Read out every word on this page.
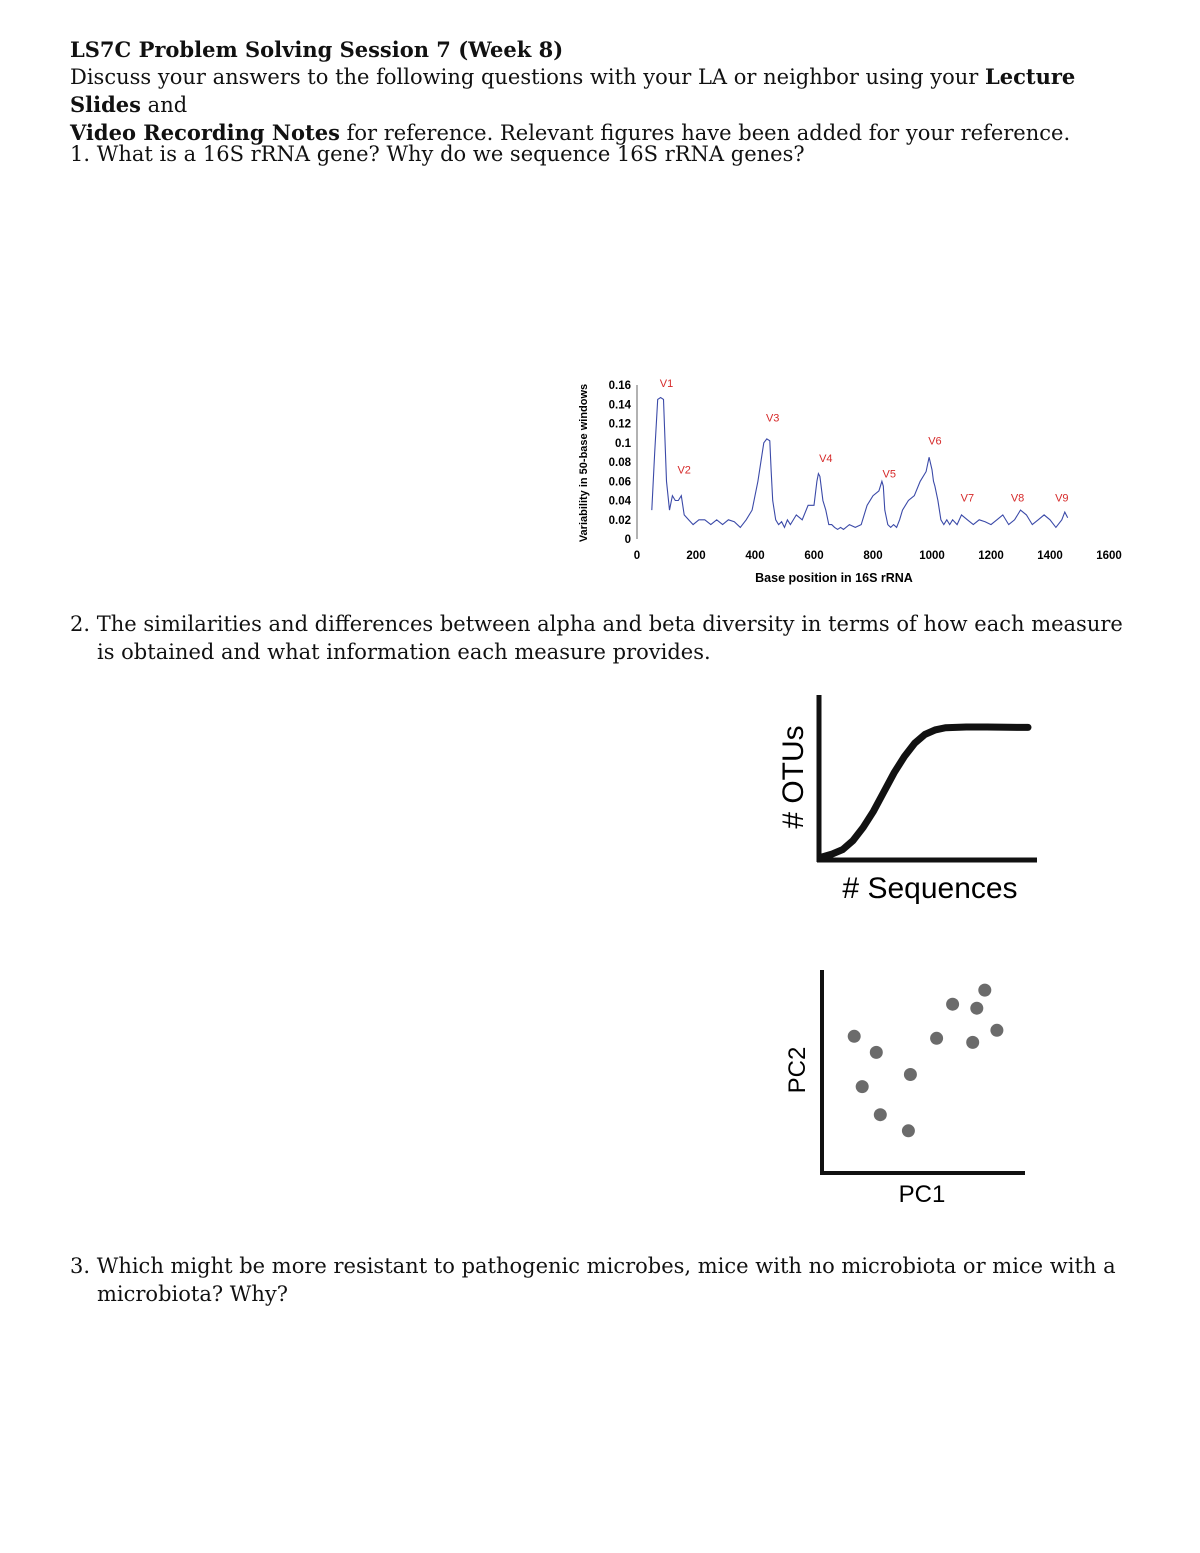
LS7C Problem Solving Session 7 (Week 8)

Discuss your answers to the following questions with your LA or neighbor using your Lecture Slides and
Video Recording Notes for reference. Relevant figures have been added for your reference.

1. What is a 16S rRNA gene? Why do we sequence 16S rRNA genes?

0
0.02
0.04
0.06
0.08
0.1
0.12
0.14
0.16
0	200	400	600	800	1000	1200	1400	1600
V1
V2
V3
V4
V5
V6
V7	V8	V9
Variability in 50-base windows
Base position in 16S rRNA

2. The similarities and differences between alpha and beta diversity in terms of how each measure is obtained and what information each measure provides.

# OTUs
# Sequences
PC2
PC1

3. Which might be more resistant to pathogenic microbes, mice with no microbiota or mice with a microbiota? Why?
